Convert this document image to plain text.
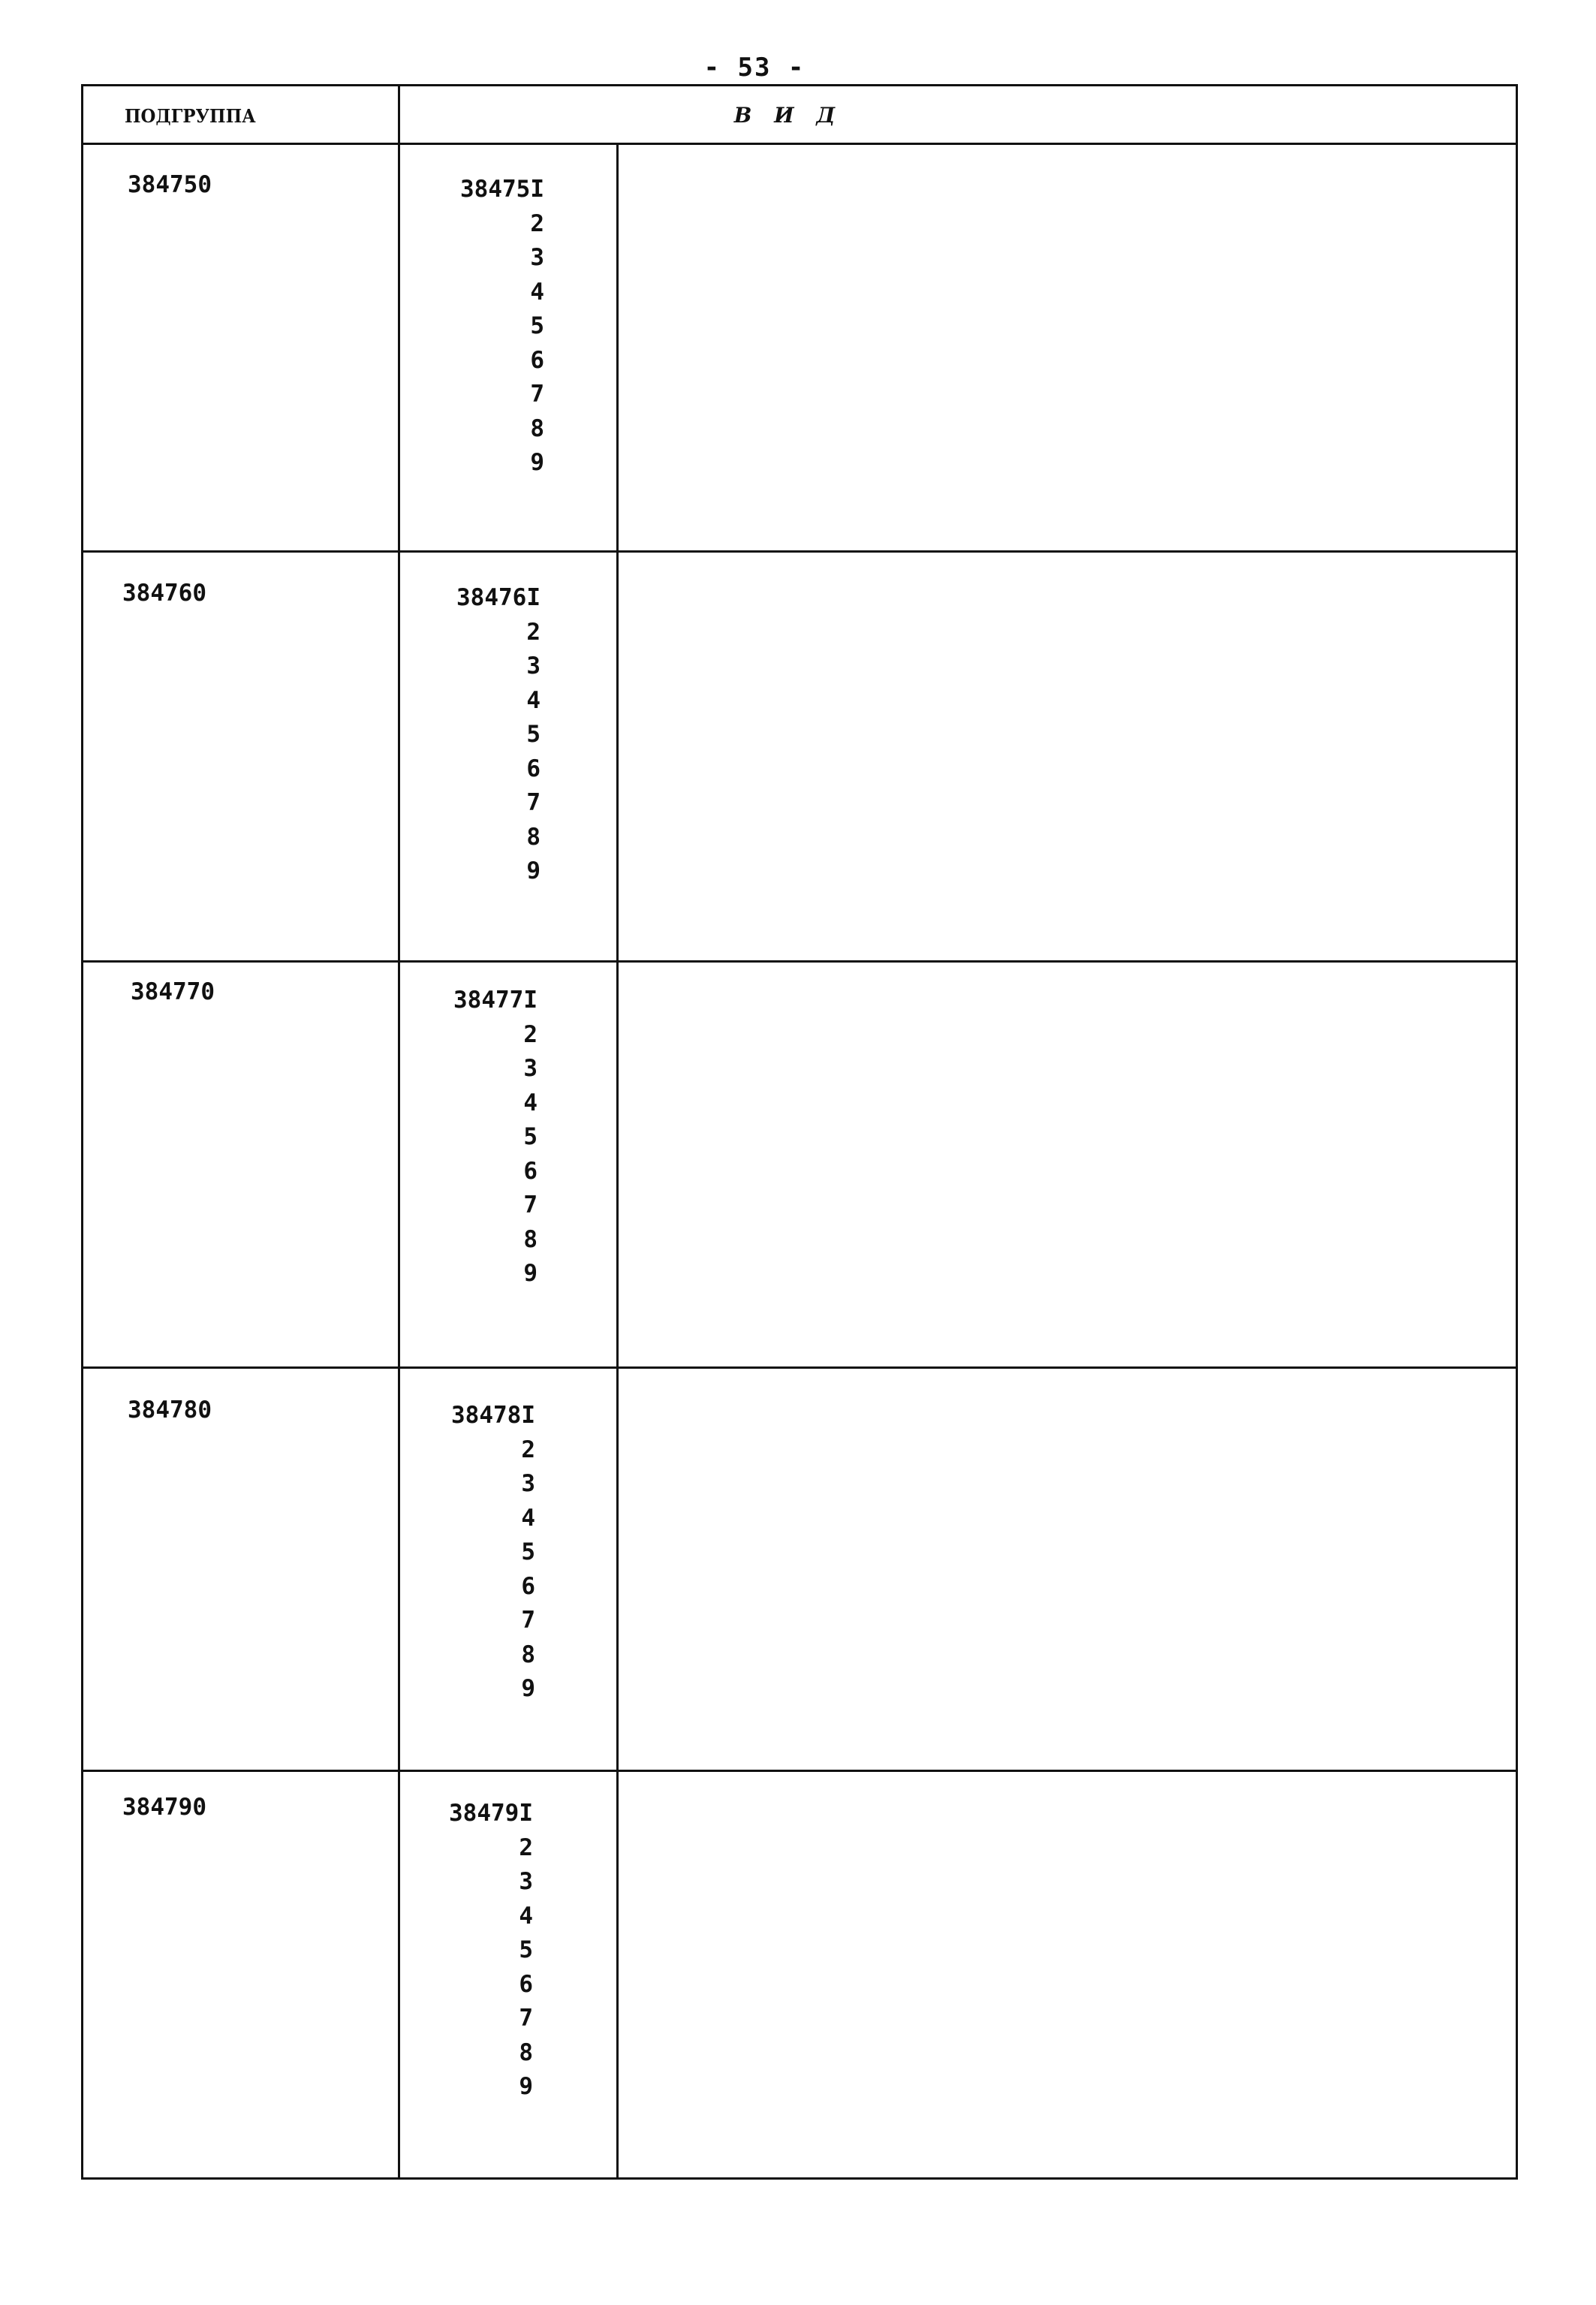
- 53 -
ПОДГРУППА	В И Д
384750	38475I
2
3
4
5
6
7
8
9
384760	38476I
2
3
4
5
6
7
8
9
384770	38477I
2
3
4
5
6
7
8
9
384780	38478I
2
3
4
5
6
7
8
9
384790	38479I
2
3
4
5
6
7
8
9
